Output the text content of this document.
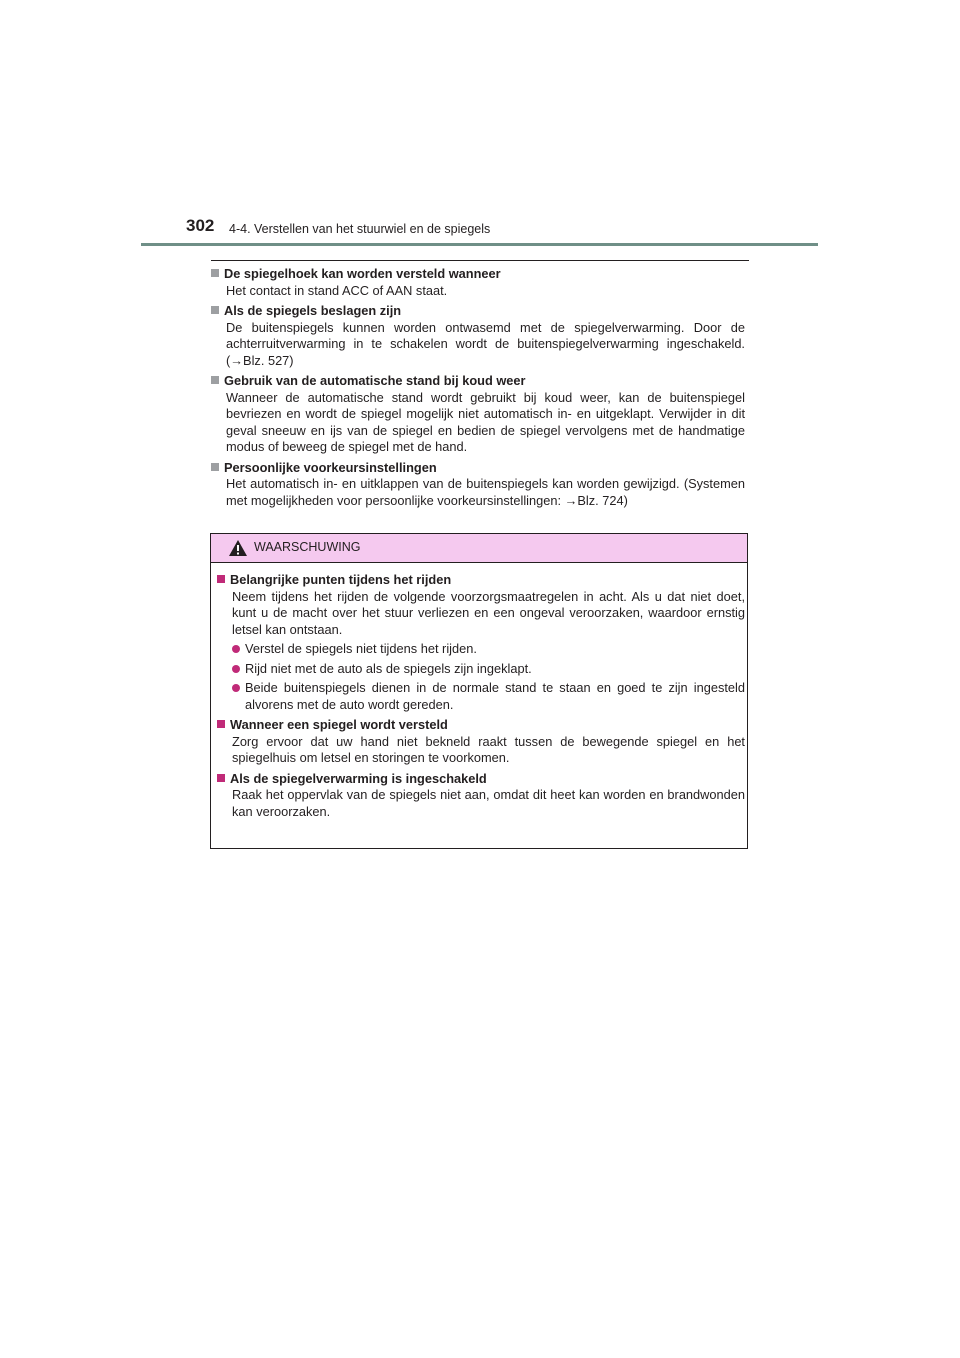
302 4-4. Verstellen van het stuurwiel en de spiegels
De spiegelhoek kan worden versteld wanneer
Het contact in stand ACC of AAN staat.
Als de spiegels beslagen zijn
De buitenspiegels kunnen worden ontwasemd met de spiegelverwarming. Door de achterruitverwarming in te schakelen wordt de buitenspiegelverwarming ingeschakeld. (→Blz. 527)
Gebruik van de automatische stand bij koud weer
Wanneer de automatische stand wordt gebruikt bij koud weer, kan de buitenspiegel bevriezen en wordt de spiegel mogelijk niet automatisch in- en uitgeklapt. Verwijder in dit geval sneeuw en ijs van de spiegel en bedien de spiegel vervolgens met de handmatige modus of beweeg de spiegel met de hand.
Persoonlijke voorkeursinstellingen
Het automatisch in- en uitklappen van de buitenspiegels kan worden gewijzigd. (Systemen met mogelijkheden voor persoonlijke voorkeursinstellingen: →Blz. 724)
WAARSCHUWING
Belangrijke punten tijdens het rijden
Neem tijdens het rijden de volgende voorzorgsmaatregelen in acht. Als u dat niet doet, kunt u de macht over het stuur verliezen en een ongeval veroorzaken, waardoor ernstig letsel kan ontstaan.
Verstel de spiegels niet tijdens het rijden.
Rijd niet met de auto als de spiegels zijn ingeklapt.
Beide buitenspiegels dienen in de normale stand te staan en goed te zijn ingesteld alvorens met de auto wordt gereden.
Wanneer een spiegel wordt versteld
Zorg ervoor dat uw hand niet bekneld raakt tussen de bewegende spiegel en het spiegelhuis om letsel en storingen te voorkomen.
Als de spiegelverwarming is ingeschakeld
Raak het oppervlak van de spiegels niet aan, omdat dit heet kan worden en brandwonden kan veroorzaken.
